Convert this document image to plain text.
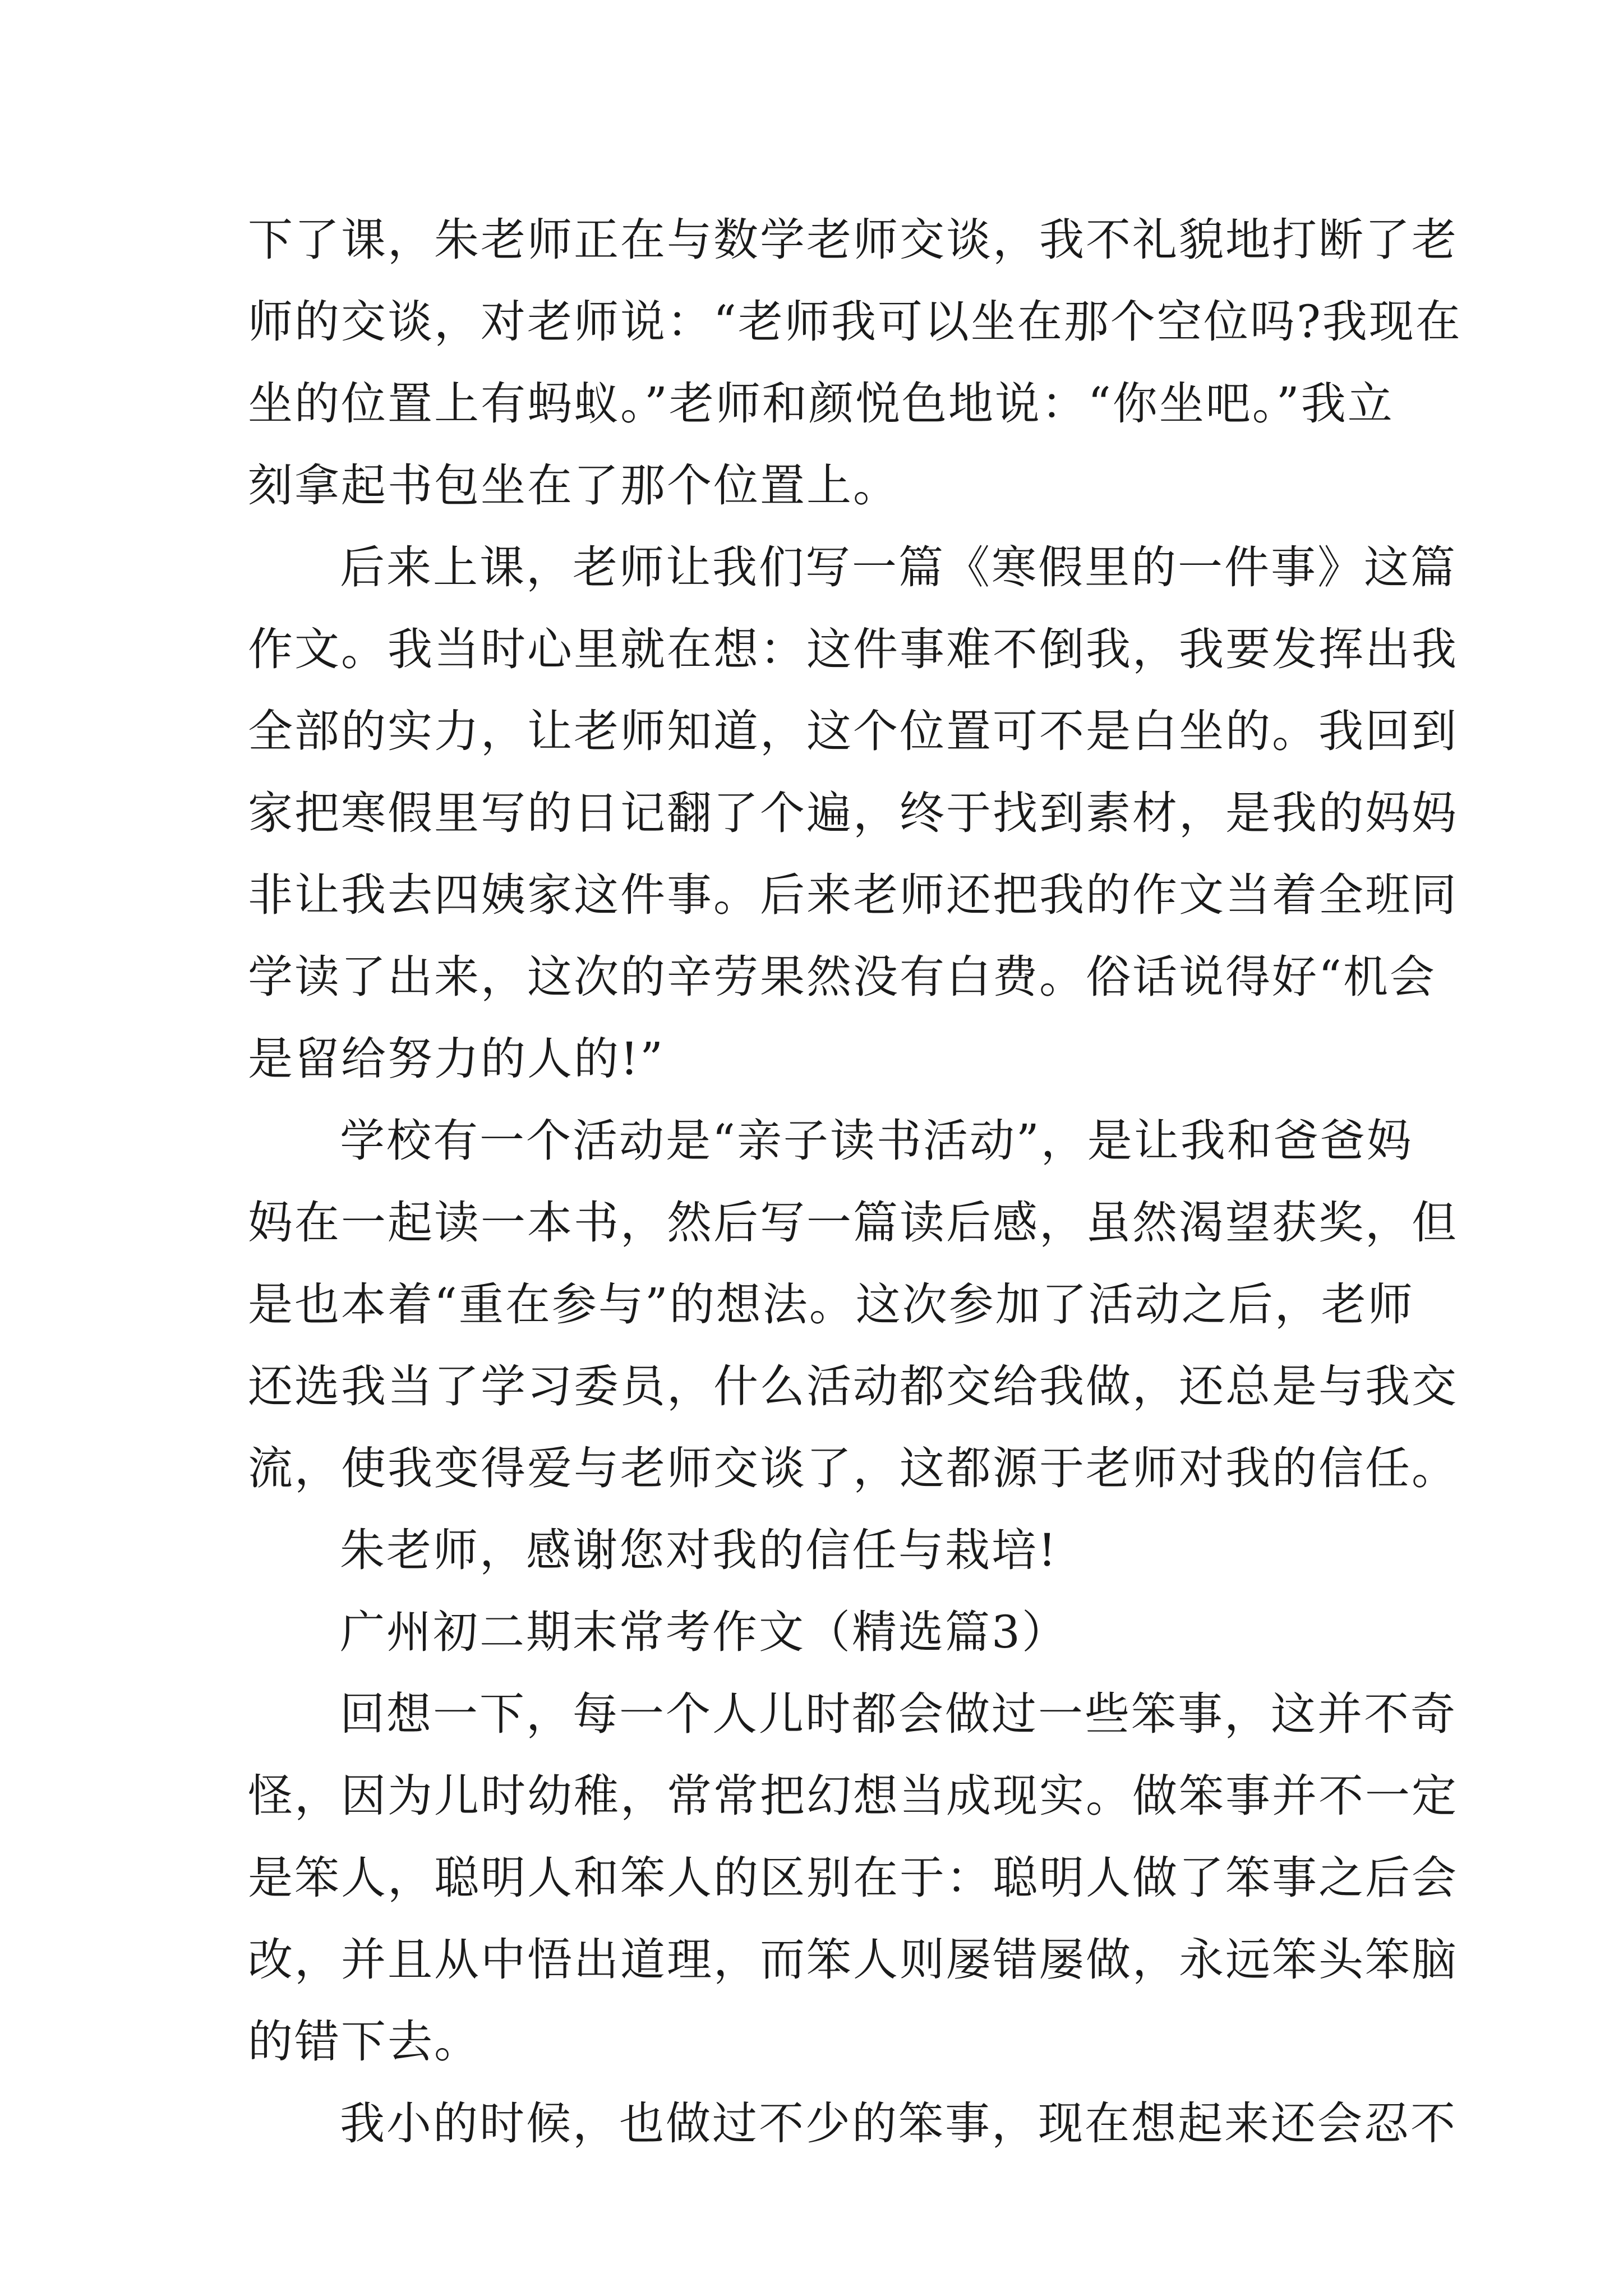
下了课，朱老师正在与数学老师交谈，我不礼貌地打断了老
师的交谈，对老师说：“老师我可以坐在那个空位吗?我现在
坐的位置上有蚂蚁。”老师和颜悦色地说：“你坐吧。”我立
刻拿起书包坐在了那个位置上。
后来上课，老师让我们写一篇《寒假里的一件事》这篇
作文。我当时心里就在想：这件事难不倒我，我要发挥出我
全部的实力，让老师知道，这个位置可不是白坐的。我回到
家把寒假里写的日记翻了个遍，终于找到素材，是我的妈妈
非让我去四姨家这件事。后来老师还把我的作文当着全班同
学读了出来，这次的辛劳果然没有白费。俗话说得好“机会
是留给努力的人的!”
学校有一个活动是“亲子读书活动”，是让我和爸爸妈
妈在一起读一本书，然后写一篇读后感，虽然渴望获奖，但
是也本着“重在参与”的想法。这次参加了活动之后，老师
还选我当了学习委员，什么活动都交给我做，还总是与我交
流，使我变得爱与老师交谈了，这都源于老师对我的信任。
朱老师，感谢您对我的信任与栽培!
广州初二期末常考作文（精选篇3）
回想一下，每一个人儿时都会做过一些笨事，这并不奇
怪，因为儿时幼稚，常常把幻想当成现实。做笨事并不一定
是笨人，聪明人和笨人的区别在于：聪明人做了笨事之后会
改，并且从中悟出道理，而笨人则屡错屡做，永远笨头笨脑
的错下去。
我小的时候，也做过不少的笨事，现在想起来还会忍不
